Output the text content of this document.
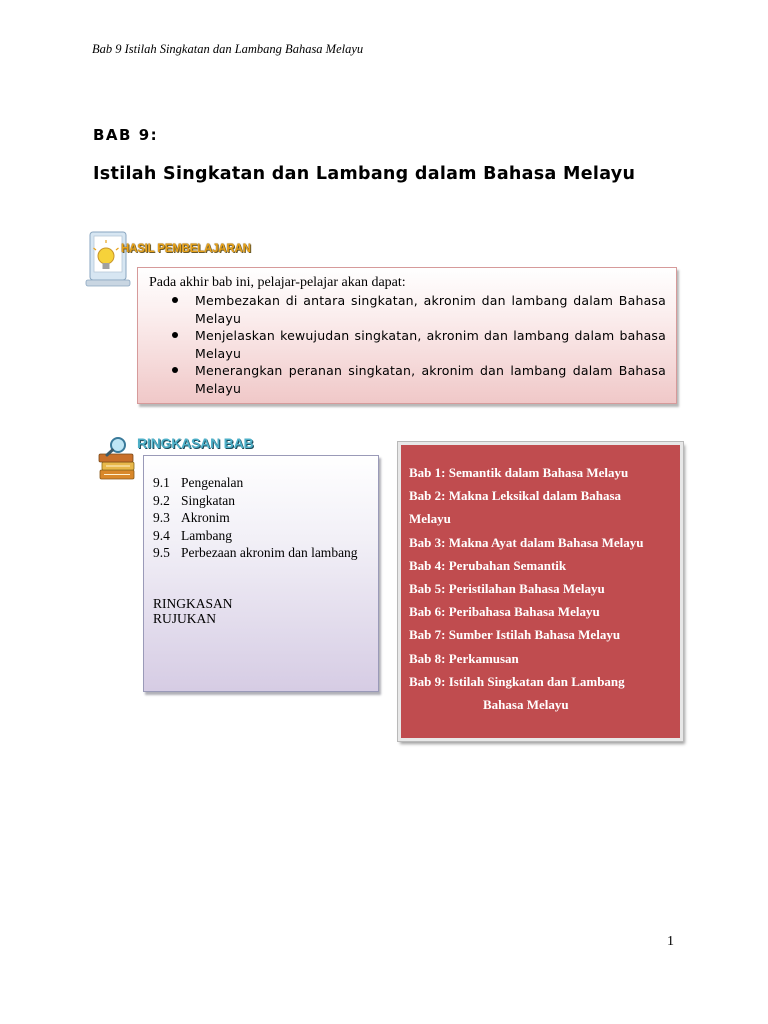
Bab 9 Istilah Singkatan dan Lambang Bahasa Melayu
BAB 9:
Istilah Singkatan dan Lambang dalam Bahasa Melayu
HASIL PEMBELAJARAN
Pada akhir bab ini, pelajar-pelajar akan dapat:
Membezakan di antara singkatan, akronim dan lambang dalam Bahasa Melayu
Menjelaskan kewujudan singkatan, akronim dan lambang dalam bahasa Melayu
Menerangkan peranan singkatan, akronim dan lambang dalam Bahasa Melayu
RINGKASAN BAB
9.1 Pengenalan
9.2 Singkatan
9.3 Akronim
9.4 Lambang
9.5 Perbezaan akronim dan lambang
RINGKASAN
RUJUKAN
Bab 1: Semantik dalam Bahasa Melayu
Bab 2: Makna Leksikal dalam Bahasa
Melayu
Bab 3: Makna Ayat dalam Bahasa Melayu
Bab 4: Perubahan Semantik
Bab 5: Peristilahan Bahasa Melayu
Bab 6: Peribahasa Bahasa Melayu
Bab 7: Sumber Istilah Bahasa Melayu
Bab 8: Perkamusan
Bab 9: Istilah Singkatan dan Lambang
Bahasa Melayu
1
